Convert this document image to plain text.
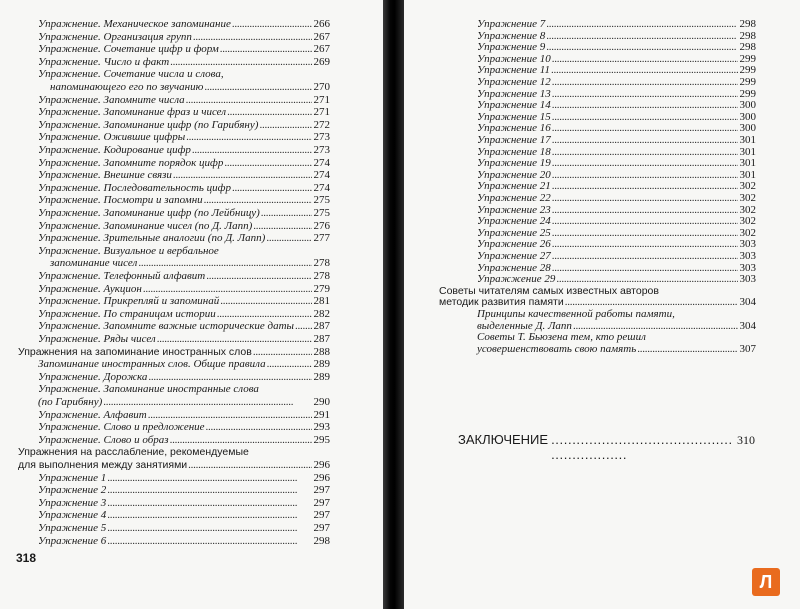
Упражнение. Механическое запоминание . . .	266
Упражнение. Организация групп . . .	267
Упражнение. Сочетание цифр и форм . . .	267
Упражнение. Число и факт . . .	269
Упражнение. Сочетание числа и слова,
напоминающего его по звучанию . . .	270
Упражнение. Запомните числа . . .	271
Упражнение. Запоминание фраз и чисел . . .	271
Упражнение. Запоминание цифр (по Гарибяну) . . .	272
Упражнение. Ожившие цифры . . .	273
Упражнение. Кодирование цифр . . .	273
Упражнение. Запомните порядок цифр . . .	274
Упражнение. Внешние связи . . .	274
Упражнение. Последовательность цифр . . .	274
Упражнение. Посмотри и запомни . . .	275
Упражнение. Запоминание цифр (по Лейбницу) . . .	275
Упражнение. Запоминание чисел (по Д. Лапп) . . .	276
Упражнение. Зрительные аналогии (по Д. Лапп) . . .	277
Упражнение. Визуальное и вербальное
запоминание чисел . . .	278
Упражнение. Телефонный алфавит . . .	278
Упражнение. Аукцион . . .	279
Упражнение. Прикрепляй и запоминай . . .	281
Упражнение. По страницам истории . . .	282
Упражнение. Запомните важные исторические даты . . . 287
Упражнение. Ряды чисел . . .	287
Упражнения на запоминание иностранных слов . . .	288
Запоминание иностранных слов. Общие правила . . .	289
Упражнение. Дорожка . . .	289
Упражнение. Запоминание иностранные слова
(по Гарибяну) . . .	290
Упражнение. Алфавит . . .	291
Упражнение. Слово и предложение . . .	293
Упражнение. Слово и образ . . .	295
Упражнения на расслабление, рекомендуемые
для выполнения между занятиями . . .	296
Упражнение 1 . . .	296
Упражнение 2 . . .	297
Упражнение 3 . . .	297
Упражнение 4 . . .	297
Упражнение 5 . . .	297
Упражнение 6 . . .	298
318
Упражнение 7 . . .	298
Упражнение 8 . . .	298
Упражнение 9 . . .	298
Упражнение 10 . . .	299
Упражнение 11 . . .	299
Упражнение 12 . . .	299
Упражнение 13 . . .	299
Упражнение 14 . . .	300
Упражнение 15 . . .	300
Упражнение 16 . . .	300
Упражнение 17 . . .	301
Упражнение 18 . . .	301
Упражнение 19 . . .	301
Упражнение 20 . . .	301
Упражнение 21 . . .	302
Упражнение 22 . . .	302
Упражнение 23 . . .	302
Упражнение 24 . . .	302
Упражнение 25 . . .	302
Упражнение 26 . . .	303
Упражнение 27 . . .	303
Упражнение 28 . . .	303
Упражжение 29 . . .	303
Советы читателям самых известных авторов
методик развития памяти . . .	304
Принципы качественной работы памяти,
выделенные Д. Лапп . . .	304
Советы Т. Бьюзена тем, кто решил
усовершенствовать свою память . . .	307
ЗАКЛЮЧЕНИЕ . . .	310
Л
